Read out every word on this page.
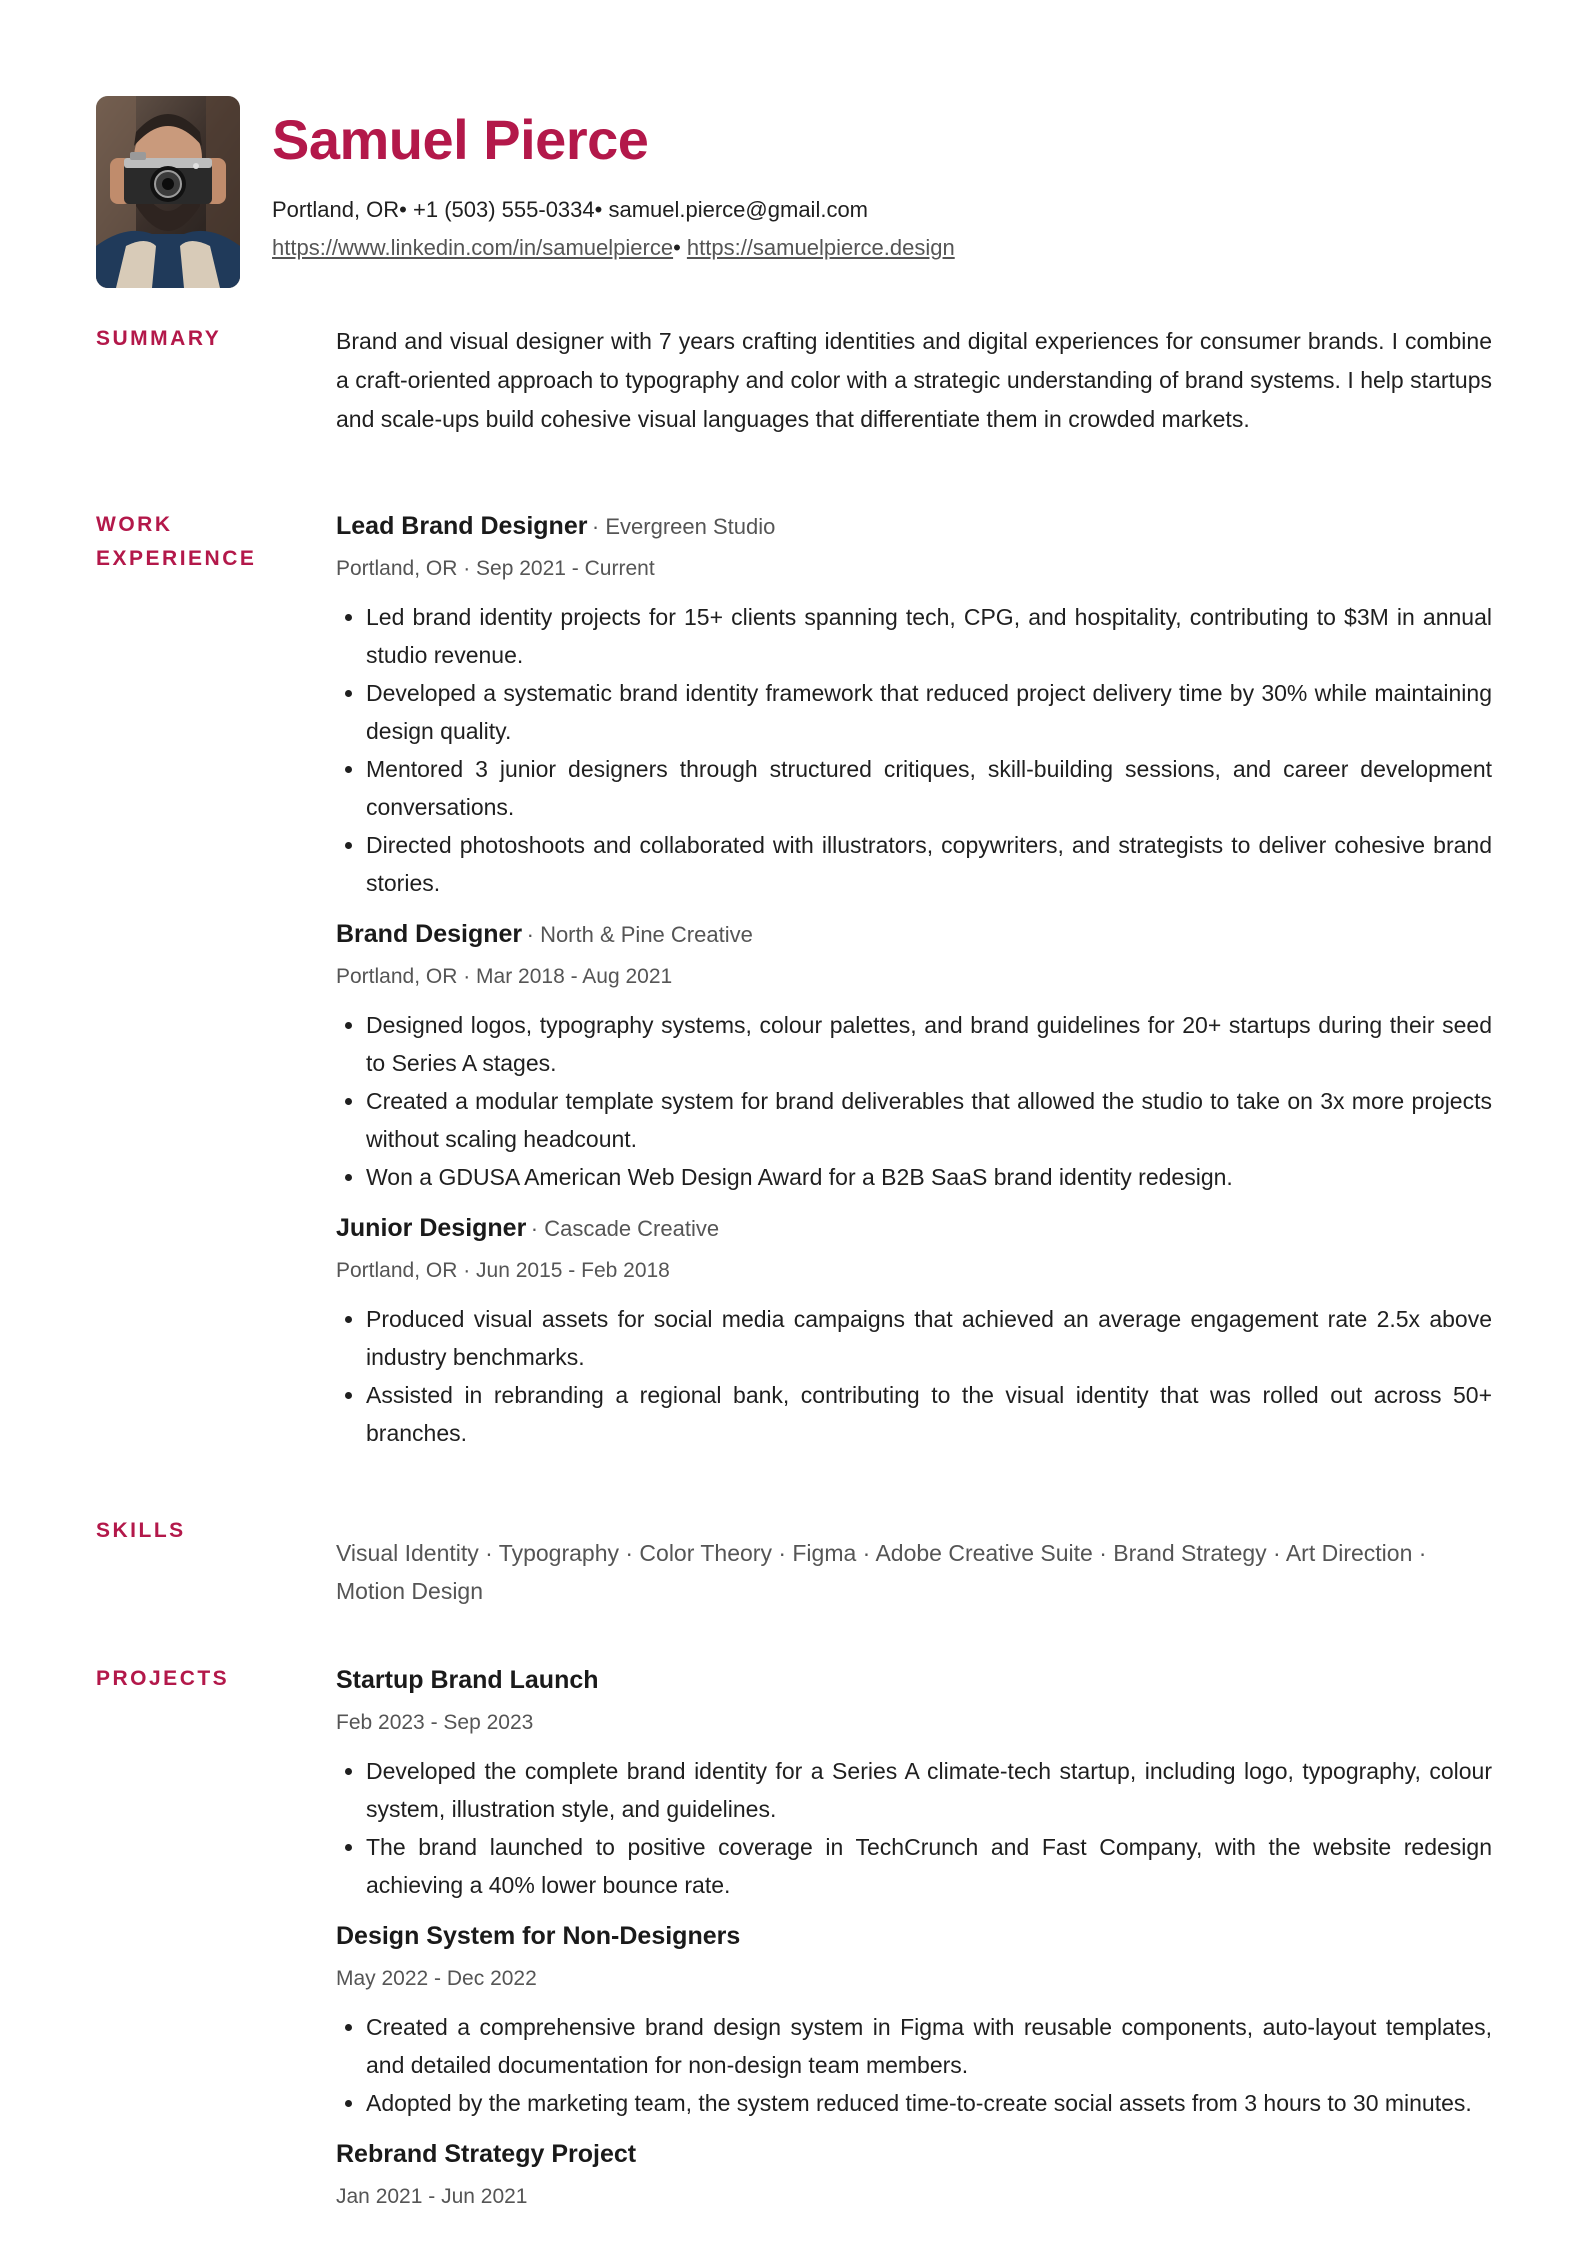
Samuel Pierce
Portland, OR• +1 (503) 555-0334• samuel.pierce@gmail.com
https://www.linkedin.com/in/samuelpierce• https://samuelpierce.design
SUMMARY	Brand and visual designer with 7 years crafting identities and digital experiences for consumer brands. I combine a craft-oriented approach to typography and color with a strategic understanding of brand systems. I help startups and scale-ups build cohesive visual languages that differentiate them in crowded markets.

WORK
EXPERIENCE
Lead Brand Designer · Evergreen Studio
Portland, OR · Sep 2021 - Current
• Led brand identity projects for 15+ clients spanning tech, CPG, and hospitality, contributing to $3M in annual studio revenue.
• Developed a systematic brand identity framework that reduced project delivery time by 30% while maintaining design quality.
• Mentored 3 junior designers through structured critiques, skill-building sessions, and career development conversations.
• Directed photoshoots and collaborated with illustrators, copywriters, and strategists to deliver cohesive brand stories.
Brand Designer · North & Pine Creative
Portland, OR · Mar 2018 - Aug 2021
• Designed logos, typography systems, colour palettes, and brand guidelines for 20+ startups during their seed to Series A stages.
• Created a modular template system for brand deliverables that allowed the studio to take on 3x more projects without scaling headcount.
• Won a GDUSA American Web Design Award for a B2B SaaS brand identity redesign.
Junior Designer · Cascade Creative
Portland, OR · Jun 2015 - Feb 2018
• Produced visual assets for social media campaigns that achieved an average engagement rate 2.5x above industry benchmarks.
• Assisted in rebranding a regional bank, contributing to the visual identity that was rolled out across 50+ branches.
SKILLS
Visual Identity · Typography · Color Theory · Figma · Adobe Creative Suite · Brand Strategy · Art Direction · Motion Design
PROJECTS	Startup Brand Launch
Feb 2023 - Sep 2023
• Developed the complete brand identity for a Series A climate-tech startup, including logo, typography, colour system, illustration style, and guidelines.
• The brand launched to positive coverage in TechCrunch and Fast Company, with the website redesign achieving a 40% lower bounce rate.
Design System for Non-Designers
May 2022 - Dec 2022
• Created a comprehensive brand design system in Figma with reusable components, auto-layout templates, and detailed documentation for non-design team members.
• Adopted by the marketing team, the system reduced time-to-create social assets from 3 hours to 30 minutes.
Rebrand Strategy Project
Jan 2021 - Jun 2021
